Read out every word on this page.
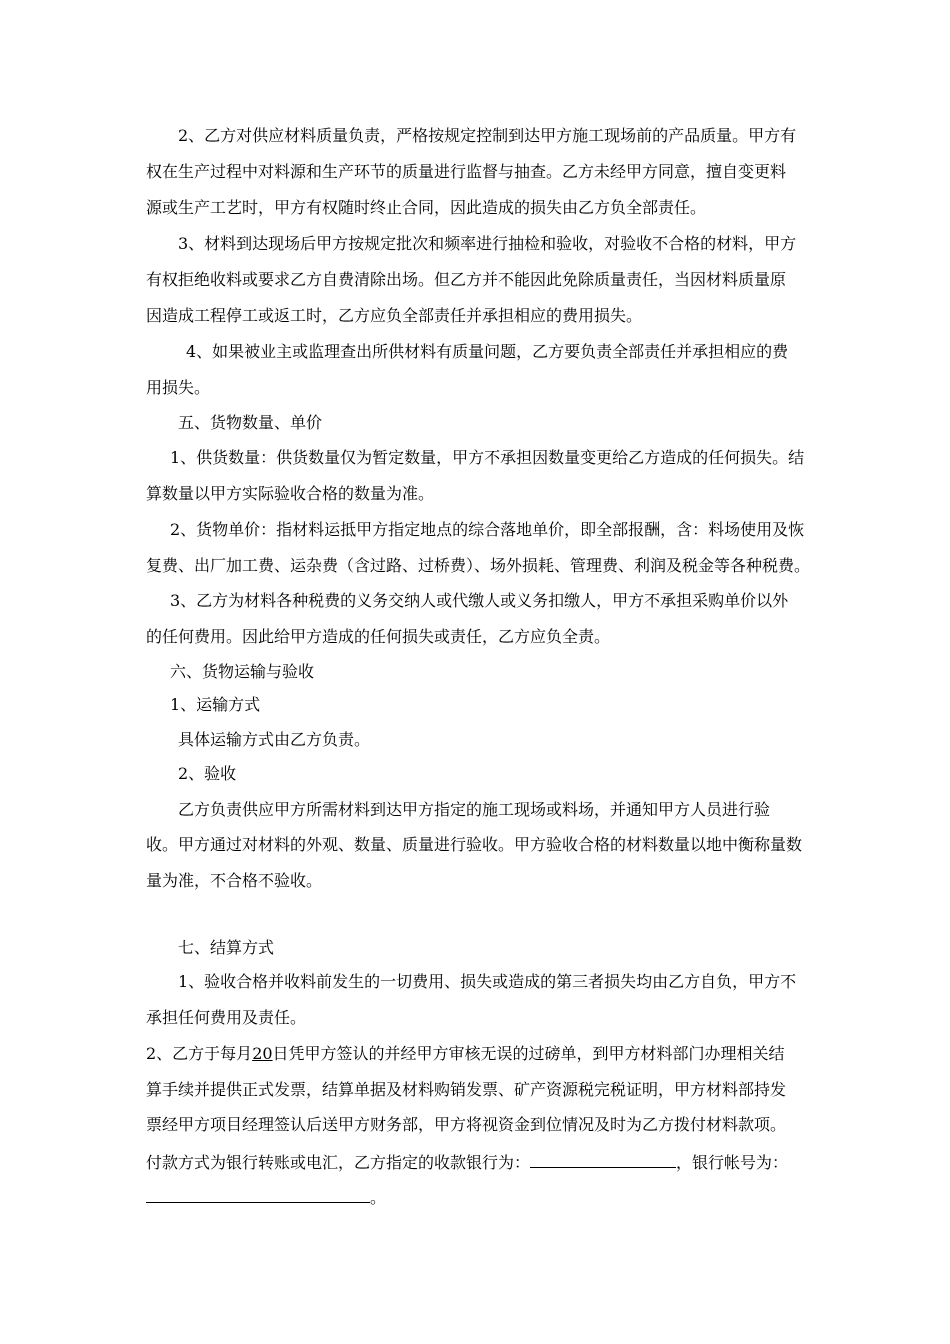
2、乙方对供应材料质量负责，严格按规定控制到达甲方施工现场前的产品质量。甲方有
权在生产过程中对料源和生产环节的质量进行监督与抽查。乙方未经甲方同意，擅自变更料
源或生产工艺时，甲方有权随时终止合同，因此造成的损失由乙方负全部责任。
3、材料到达现场后甲方按规定批次和频率进行抽检和验收，对验收不合格的材料，甲方
有权拒绝收料或要求乙方自费清除出场。但乙方并不能因此免除质量责任，当因材料质量原
因造成工程停工或返工时，乙方应负全部责任并承担相应的费用损失。
4、如果被业主或监理查出所供材料有质量问题，乙方要负责全部责任并承担相应的费
用损失。
五、货物数量、单价
1、供货数量：供货数量仅为暂定数量，甲方不承担因数量变更给乙方造成的任何损失。结
算数量以甲方实际验收合格的数量为准。
2、货物单价：指材料运抵甲方指定地点的综合落地单价，即全部报酬，含：料场使用及恢
复费、出厂加工费、运杂费（含过路、过桥费）、场外损耗、管理费、利润及税金等各种税费。
3、乙方为材料各种税费的义务交纳人或代缴人或义务扣缴人，甲方不承担采购单价以外
的任何费用。因此给甲方造成的任何损失或责任，乙方应负全责。
六、货物运输与验收
1、运输方式
具体运输方式由乙方负责。
2、验收
乙方负责供应甲方所需材料到达甲方指定的施工现场或料场，并通知甲方人员进行验
收。甲方通过对材料的外观、数量、质量进行验收。甲方验收合格的材料数量以地中衡称量数
量为准，不合格不验收。
七、结算方式
1、验收合格并收料前发生的一切费用、损失或造成的第三者损失均由乙方自负，甲方不
承担任何费用及责任。
2、乙方于每月20日凭甲方签认的并经甲方审核无误的过磅单，到甲方材料部门办理相关结
算手续并提供正式发票，结算单据及材料购销发票、矿产资源税完税证明，甲方材料部持发
票经甲方项目经理签认后送甲方财务部，甲方将视资金到位情况及时为乙方拨付材料款项。
付款方式为银行转账或电汇，乙方指定的收款银行为：	，银行帐号为：
。
